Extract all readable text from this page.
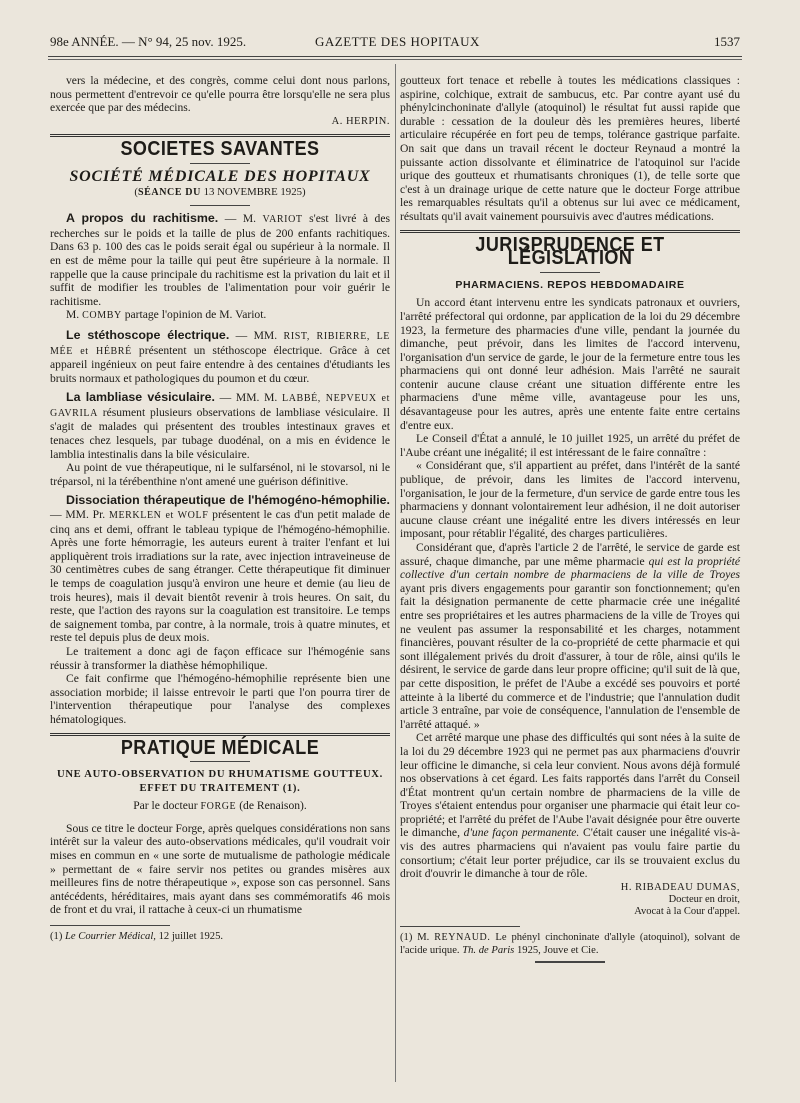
98e ANNÉE. — N° 94, 25 nov. 1925.	GAZETTE DES HOPITAUX	1537

vers la médecine, et des congrès, comme celui dont nous parlons, nous permettent d'entrevoir ce qu'elle pourra être lorsqu'elle ne sera plus exercée que par des médecins.

A. HERPIN.

SOCIETES SAVANTES
SOCIÉTÉ MÉDICALE DES HOPITAUX
(SÉANCE DU 13 NOVEMBRE 1925)

A propos du rachitisme. — M. VARIOT s'est livré à des recherches sur le poids et la taille de plus de 200 enfants rachitiques. Dans 63 p. 100 des cas le poids serait égal ou supérieur à la normale. Il en est de même pour la taille qui peut être supérieure à la normale. Il rappelle que la cause principale du rachitisme est la privation du lait et il suffit de modifier les troubles de l'alimentation pour voir guérir le rachitisme.

M. COMBY partage l'opinion de M. Variot.

Le stéthoscope électrique. — MM. RIST, RIBIERRE, LE MÉE et HÉBRÉ présentent un stéthoscope électrique. Grâce à cet appareil ingénieux on peut faire entendre à des centaines d'étudiants les bruits normaux et pathologiques du poumon et du cœur.

La lambliase vésiculaire. — MM. M. LABBÉ, NEPVEUX et GAVRILA résument plusieurs observations de lambliase vésiculaire. Il s'agit de malades qui présentent des troubles intestinaux graves et tenaces chez lesquels, par tubage duodénal, on a mis en évidence le lamblia intestinalis dans la bile vésiculaire.

Au point de vue thérapeutique, ni le sulfarsénol, ni le stovarsol, ni le tréparsol, ni la térébenthine n'ont amené une guérison définitive.

Dissociation thérapeutique de l'hémogéno-hémophilie. — MM. Pr. MERKLEN et WOLF présentent le cas d'un petit malade de cinq ans et demi, offrant le tableau typique de l'hémogéno-hémophilie. Après une forte hémorragie, les auteurs eurent à traiter l'enfant et lui appliquèrent trois irradiations sur la rate, avec injection intraveineuse de 30 centimètres cubes de sang étranger. Cette thérapeutique fit diminuer le temps de coagulation jusqu'à environ une heure et demie (au lieu de trois heures), mais il devait bientôt revenir à trois heures. On sait, du reste, que l'action des rayons sur la coagulation est transitoire. Le temps de saignement tomba, par contre, à la normale, trois à quatre minutes, et reste tel depuis plus de deux mois.

Le traitement a donc agi de façon efficace sur l'hémogénie sans réussir à transformer la diathèse hémophilique.

Ce fait confirme que l'hémogéno-hémophilie représente bien une association morbide; il laisse entrevoir le parti que l'on pourra tirer de l'intervention thérapeutique pour l'analyse des complexes hématologiques.

PRATIQUE MÉDICALE
UNE AUTO-OBSERVATION DU RHUMATISME GOUTTEUX.
EFFET DU TRAITEMENT (1).
Par le docteur FORGE (de Renaison).

Sous ce titre le docteur Forge, après quelques considérations non sans intérêt sur la valeur des auto-observations médicales, qu'il voudrait voir mises en commun en « une sorte de mutualisme de pathologie médicale » permettant de « faire servir nos petites ou grandes misères aux meilleures fins de notre thérapeutique », expose son cas personnel. Sans antécédents, héréditaires, mais ayant dans ses commémoratifs 46 mois de front et du vrai, il rattache à ceux-ci un rhumatisme

(1) Le Courrier Médical, 12 juillet 1925.

goutteux fort tenace et rebelle à toutes les médications classiques : aspirine, colchique, extrait de sambucus, etc. Par contre ayant usé du phénylcinchoninate d'allyle (atoquinol) le résultat fut aussi rapide que durable : cessation de la douleur dès les premières heures, liberté articulaire récupérée en fort peu de temps, tolérance gastrique parfaite. On sait que dans un travail récent le docteur Reynaud a montré la puissante action dissolvante et éliminatrice de l'atoquinol sur l'acide urique des goutteux et rhumatisants chroniques (1), de telle sorte que c'est à un drainage urique de cette nature que le docteur Forge attribue les remarquables résultats qu'il a obtenus sur lui avec ce médicament, résultats qu'il avait vainement poursuivis avec d'autres médications.

JURISPRUDENCE ET LÉGISLATION
PHARMACIENS. REPOS HEBDOMADAIRE

Un accord étant intervenu entre les syndicats patronaux et ouvriers, l'arrêté préfectoral qui ordonne, par application de la loi du 29 décembre 1923, la fermeture des pharmacies d'une ville, pendant la journée du dimanche, peut prévoir, dans les limites de l'accord intervenu, l'organisation d'un service de garde, le jour de la fermeture entre tous les pharmaciens qui ont donné leur adhésion. Mais l'arrêté ne saurait contenir aucune clause créant une situation différente entre les pharmaciens d'une même ville, avantageuse pour les uns, désavantageuse pour les autres, après une entente faite entre certains d'entre eux.

Le Conseil d'État a annulé, le 10 juillet 1925, un arrêté du préfet de l'Aube créant une inégalité; il est intéressant de le faire connaître :

« Considérant que, s'il appartient au préfet, dans l'intérêt de la santé publique, de prévoir, dans les limites de l'accord intervenu, l'organisation, le jour de la fermeture, d'un service de garde entre tous les pharmaciens y donnant volontairement leur adhésion, il ne doit autoriser aucune clause créant une inégalité entre les divers intéressés en leur imposant, pour rétablir l'égalité, des charges particulières.

Considérant que, d'après l'article 2 de l'arrêté, le service de garde est assuré, chaque dimanche, par une même pharmacie qui est la propriété collective d'un certain nombre de pharmaciens de la ville de Troyes ayant pris divers engagements pour garantir son fonctionnement; qu'en fait la désignation permanente de cette pharmacie crée une inégalité entre ses propriétaires et les autres pharmaciens de la ville de Troyes qui ne veulent pas assumer la responsabilité et les charges, notamment financières, pouvant résulter de la co-propriété de cette pharmacie et qui sont illégalement privés du droit d'assurer, à tour de rôle, ainsi qu'ils le désirent, le service de garde dans leur propre officine; qu'il suit de là que, par cette disposition, le préfet de l'Aube a excédé ses pouvoirs et porté atteinte à la liberté du commerce et de l'industrie; que l'annulation dudit article 3 entraîne, par voie de conséquence, l'annulation de l'ensemble de l'arrêté attaqué. »

Cet arrêté marque une phase des difficultés qui sont nées à la suite de la loi du 29 décembre 1923 qui ne permet pas aux pharmaciens d'ouvrir leur officine le dimanche, si cela leur convient. Nous avons déjà formulé nos observations à cet égard. Les faits rapportés dans l'arrêt du Conseil d'État montrent qu'un certain nombre de pharmaciens de la ville de Troyes s'étaient entendus pour organiser une pharmacie qui était leur co-propriété; et l'arrêté du préfet de l'Aube l'avait désignée pour être ouverte le dimanche, d'une façon permanente. C'était causer une inégalité vis-à-vis des autres pharmaciens qui n'avaient pas voulu faire partie du consortium; c'était leur porter préjudice, car ils se trouvaient exclus du droit d'ouvrir le dimanche à tour de rôle.

H. RIBADEAU DUMAS,

Docteur en droit,

Avocat à la Cour d'appel.

(1) M. REYNAUD. Le phényl cinchoninate d'allyle (atoquinol), solvant de l'acide urique. Th. de Paris 1925, Jouve et Cie.
